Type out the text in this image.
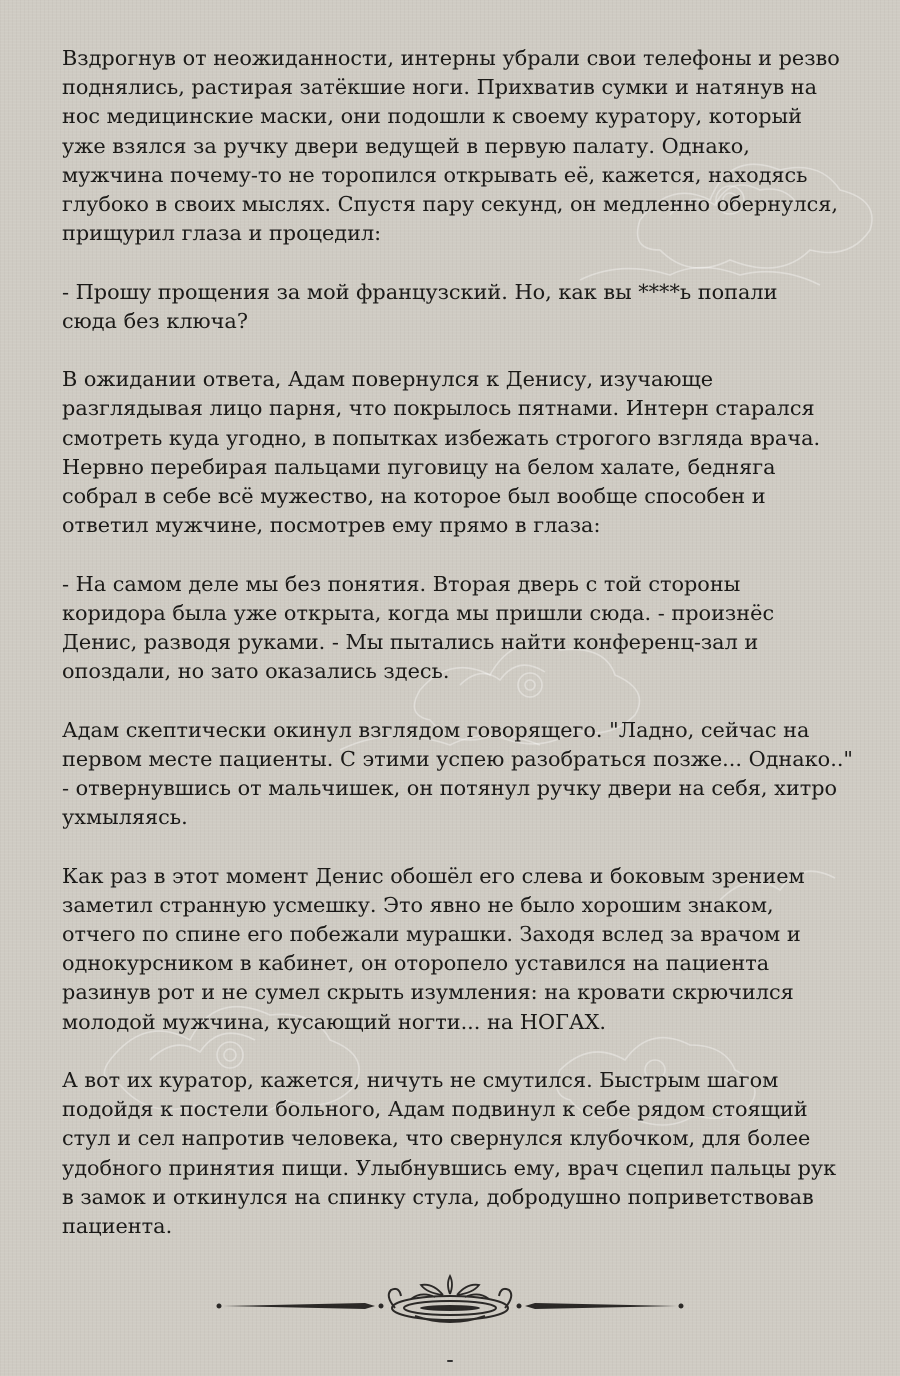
Вздрогнув от неожиданности, интерны убрали свои телефоны и резво
поднялись, растирая затёкшие ноги. Прихватив сумки и натянув на
нос медицинские маски, они подошли к своему куратору, который
уже взялся за ручку двери ведущей в первую палату. Однако,
мужчина почему-то не торопился открывать её, кажется, находясь
глубоко в своих мыслях. Спустя пару секунд, он медленно обернулся,
прищурил глаза и процедил:

- Прошу прощения за мой французский. Но, как вы ****ь попали
сюда без ключа?

В ожидании ответа, Адам повернулся к Денису, изучающе
разглядывая лицо парня, что покрылось пятнами. Интерн старался
смотреть куда угодно, в попытках избежать строгого взгляда врача.
Нервно перебирая пальцами пуговицу на белом халате, бедняга
собрал в себе всё мужество, на которое был вообще способен и
ответил мужчине, посмотрев ему прямо в глаза:

- На самом деле мы без понятия. Вторая дверь с той стороны
коридора была уже открыта, когда мы пришли сюда. - произнёс
Денис, разводя руками. - Мы пытались найти конференц-зал и
опоздали, но зато оказались здесь.

Адам скептически окинул взглядом говорящего. "Ладно, сейчас на
первом месте пациенты. С этими успею разобраться позже... Однако.."
- отвернувшись от мальчишек, он потянул ручку двери на себя, хитро
ухмыляясь.

Как раз в этот момент Денис обошёл его слева и боковым зрением
заметил странную усмешку. Это явно не было хорошим знаком,
отчего по спине его побежали мурашки. Заходя вслед за врачом и
однокурсником в кабинет, он оторопело уставился на пациента
разинув рот и не сумел скрыть изумления: на кровати скрючился
молодой мужчина, кусающий ногти... на НОГАХ.

А вот их куратор, кажется, ничуть не смутился. Быстрым шагом
подойдя к постели больного, Адам подвинул к себе рядом стоящий
стул и сел напротив человека, что свернулся клубочком, для более
удобного принятия пищи. Улыбнувшись ему, врач сцепил пальцы рук
в замок и откинулся на спинку стула, добродушно поприветствовав
пациента.
